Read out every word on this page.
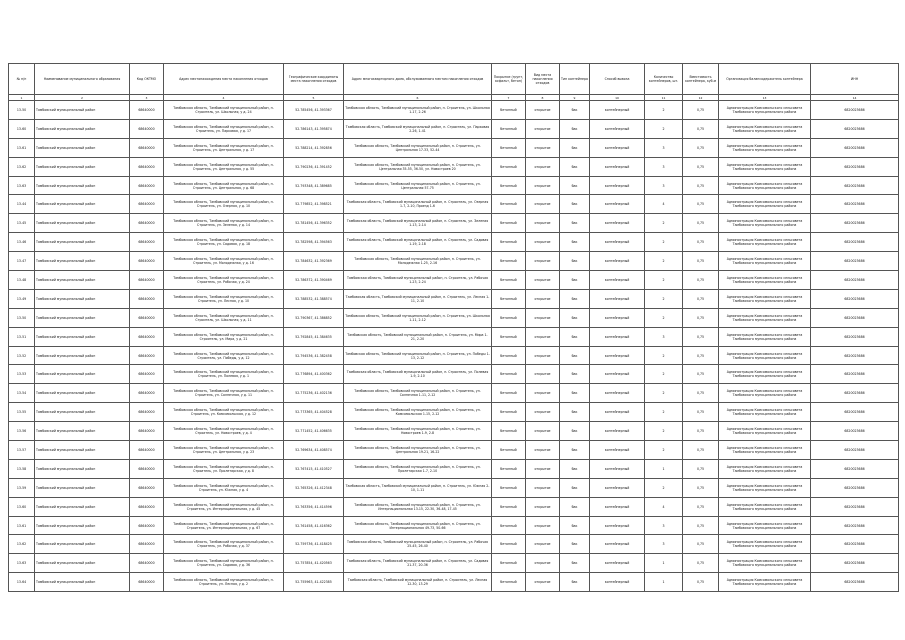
№ п/п	Наименование муниципального образования	Код ОКТМО	Адрес местонахождения места накопления отходов	Географические координаты места накопления отходов	Адрес многоквартирного дома, обслуживаемого местом накопления отходов	Покрытие (грунт, асфальт, бетон)	Вид места накопления отходов	Тип контейнера	Способ вывоза	Количество контейнеров, шт.	Вместимость контейнера, куб.м	Организация балансодержатель контейнера	ИНН
1	2	3	4	5	6	7	8	9	10	11	12	13	14
13-50	Тамбовский муниципальный район	68640000	Тамбовская область, Тамбовский муниципальный район, п. Строитель, ул. Школьная, у д. 24	52.785456, 41.393367	Тамбовская область, Тамбовский муниципальный район, п. Строитель, ул. Школьная 1-17, 2-26	бетонный	открытое	бак	контейнерный	2	0,75	Администрация Комсомольского сельсовета Тамбовского муниципального района	6820023686
13-60	Тамбовский муниципальный район	68640000	Тамбовская область, Тамбовский муниципальный район, п. Строитель, ул. Парковая, у д. 17	52.786143, 41.395874	Тамбовская область, Тамбовский муниципальный район, п. Строитель, ул. Парковая 2-26, 1-41	бетонный	открытое	бак	контейнерный	2	0,75	Администрация Комсомольского сельсовета Тамбовского муниципального района	6820023686
13-61	Тамбовский муниципальный район	68640000	Тамбовская область, Тамбовский муниципальный район, п. Строитель, ул. Центральная, у д. 17	52.788214, 41.392856	Тамбовская область, Тамбовский муниципальный район, п. Строитель, ул. Центральная 17-33, 52-44	бетонный	открытое	бак	контейнерный	3	0,75	Администрация Комсомольского сельсовета Тамбовского муниципального района	6820023686
13-62	Тамбовский муниципальный район	68640000	Тамбовская область, Тамбовский муниципальный район, п. Строитель, ул. Центральная, у д. 55	52.790236, 41.391452	Тамбовская область, Тамбовский муниципальный район, п. Строитель, ул. Центральная 35-55, 36-50, ул. Новостроев 20	бетонный	открытое	бак	контейнерный	3	0,75	Администрация Комсомольского сельсовета Тамбовского муниципального района	6820023686
13-63	Тамбовский муниципальный район	68640000	Тамбовская область, Тамбовский муниципальный район, п. Строитель, ул. Центральная, у д. 68	52.793348, 41.389685	Тамбовская область, Тамбовский муниципальный район, п. Строитель, ул. Центральная 57-75	бетонный	открытое	бак	контейнерный	3	0,75	Администрация Комсомольского сельсовета Тамбовского муниципального района	6820023686
13-44	Тамбовский муниципальный район	68640000	Тамбовская область, Тамбовский муниципальный район, п. Строитель, ул. Озерная, у д. 10	52.779852, 41.398521	Тамбовская область, Тамбовский муниципальный район, п. Строитель, ул. Озерная 1-7, 2-10, Проезд 1-6	бетонный	открытое	бак	контейнерный	4	0,75	Администрация Комсомольского сельсовета Тамбовского муниципального района	6820023686
13-45	Тамбовский муниципальный район	68640000	Тамбовская область, Тамбовский муниципальный район, п. Строитель, ул. Зеленая, у д. 14	52.781456, 41.396352	Тамбовская область, Тамбовский муниципальный район, п. Строитель, ул. Зеленая 1-13, 2-14	бетонный	открытое	бак	контейнерный	2	0,75	Администрация Комсомольского сельсовета Тамбовского муниципального района	6820023686
13-46	Тамбовский муниципальный район	68640000	Тамбовская область, Тамбовский муниципальный район, п. Строитель, ул. Садовая, у д. 18	52.782598, 41.394563	Тамбовская область, Тамбовский муниципальный район, п. Строитель, ул. Садовая 1-19, 2-18	бетонный	открытое	бак	контейнерный	2	0,75	Администрация Комсомольского сельсовета Тамбовского муниципального района	6820023686
13-47	Тамбовский муниципальный район	68640000	Тамбовская область, Тамбовский муниципальный район, п. Строитель, ул. Молодежная, у д. 16	52.784632, 41.392369	Тамбовская область, Тамбовский муниципальный район, п. Строитель, ул. Молодежная 1-25, 2-16	бетонный	открытое	бак	контейнерный	2	0,75	Администрация Комсомольского сельсовета Тамбовского муниципального района	6820023686
13-48	Тамбовский муниципальный район	68640000	Тамбовская область, Тамбовский муниципальный район, п. Строитель, ул. Рабочая, у д. 24	52.786372, 41.390469	Тамбовская область, Тамбовский муниципальный район, п. Строитель, ул. Рабочая 1-23, 2-24	бетонный	открытое	бак	контейнерный	2	0,75	Администрация Комсомольского сельсовета Тамбовского муниципального района	6820023686
13-49	Тамбовский муниципальный район	68640000	Тамбовская область, Тамбовский муниципальный район, п. Строитель, ул. Лесная, у д. 10	52.788532, 41.388574	Тамбовская область, Тамбовский муниципальный район, п. Строитель, ул. Лесная 1-11, 2-10	бетонный	открытое	бак	контейнерный	2	0,75	Администрация Комсомольского сельсовета Тамбовского муниципального района	6820023686
13-50	Тамбовский муниципальный район	68640000	Тамбовская область, Тамбовский муниципальный район, п. Строитель, ул. Школьная, у д. 11	52.790367, 41.386852	Тамбовская область, Тамбовский муниципальный район, п. Строитель, ул. Школьная 1-11, 2-12	бетонный	открытое	бак	контейнерный	2	0,75	Администрация Комсомольского сельсовета Тамбовского муниципального района	6820023686
13-51	Тамбовский муниципальный район	68640000	Тамбовская область, Тамбовский муниципальный район, п. Строитель, ул. Мира, у д. 21	52.792845, 41.384635	Тамбовская область, Тамбовский муниципальный район, п. Строитель, ул. Мира 1-21, 2-20	бетонный	открытое	бак	контейнерный	3	0,75	Администрация Комсомольского сельсовета Тамбовского муниципального района	6820023686
13-52	Тамбовский муниципальный район	68640000	Тамбовская область, Тамбовский муниципальный район, п. Строитель, ул. Победы, у д. 12	52.794536, 41.382458	Тамбовская область, Тамбовский муниципальный район, п. Строитель, ул. Победы 1-13, 2-12	бетонный	открытое	бак	контейнерный	2	0,75	Администрация Комсомольского сельсовета Тамбовского муниципального района	6820023686
13-53	Тамбовский муниципальный район	68640000	Тамбовская область, Тамбовский муниципальный район, п. Строитель, ул. Полевая, у д. 1	52.776894, 41.400362	Тамбовская область, Тамбовский муниципальный район, п. Строитель, ул. Полевая 1-9, 2-10	бетонный	открытое	бак	контейнерный	2	0,75	Администрация Комсомольского сельсовета Тамбовского муниципального района	6820023686
13-54	Тамбовский муниципальный район	68640000	Тамбовская область, Тамбовский муниципальный район, п. Строитель, ул. Солнечная, у д. 11	52.775236, 41.402136	Тамбовская область, Тамбовский муниципальный район, п. Строитель, ул. Солнечная 1-11, 2-12	бетонный	открытое	бак	контейнерный	2	0,75	Администрация Комсомольского сельсовета Тамбовского муниципального района	6820023686
13-55	Тамбовский муниципальный район	68640000	Тамбовская область, Тамбовский муниципальный район, п. Строитель, ул. Комсомольская, у д. 12	52.773365, 41.404528	Тамбовская область, Тамбовский муниципальный район, п. Строитель, ул. Комсомольская 1-15, 2-12	бетонный	открытое	бак	контейнерный	2	0,75	Администрация Комсомольского сельсовета Тамбовского муниципального района	6820023686
13-56	Тамбовский муниципальный район	68640000	Тамбовская область, Тамбовский муниципальный район, п. Строитель, ул. Новостроев, у д. 4	52.771452, 41.406635	Тамбовская область, Тамбовский муниципальный район, п. Строитель, ул. Новостроев 1-9, 2-8	бетонный	открытое	бак	контейнерный	2	0,75	Администрация Комсомольского сельсовета Тамбовского муниципального района	6820023686
13-57	Тамбовский муниципальный район	68640000	Тамбовская область, Тамбовский муниципальный район, п. Строитель, ул. Центральная, у д. 23	52.769634, 41.408574	Тамбовская область, Тамбовский муниципальный район, п. Строитель, ул. Центральная 19-21, 16-22	бетонный	открытое	бак	контейнерный	2	0,75	Администрация Комсомольского сельсовета Тамбовского муниципального района	6820023686
13-58	Тамбовский муниципальный район	68640000	Тамбовская область, Тамбовский муниципальный район, п. Строитель, ул. Пролетарская, у д. 8	52.767415, 41.410527	Тамбовская область, Тамбовский муниципальный район, п. Строитель, ул. Пролетарская 1-7, 2-10	бетонный	открытое	бак	контейнерный	1	0,75	Администрация Комсомольского сельсовета Тамбовского муниципального района	6820023686
13-59	Тамбовский муниципальный район	68640000	Тамбовская область, Тамбовский муниципальный район, п. Строитель, ул. Южная, у д. 4	52.765326, 41.412348	Тамбовская область, Тамбовский муниципальный район, п. Строитель, ул. Южная 2-10, 1-11	бетонный	открытое	бак	контейнерный	2	0,75	Администрация Комсомольского сельсовета Тамбовского муниципального района	6820023686
13-60	Тамбовский муниципальный район	68640000	Тамбовская область, Тамбовский муниципальный район, п. Строитель, ул. Интернациональная, у д. 45	52.763356, 41.414596	Тамбовская область, Тамбовский муниципальный район, п. Строитель, ул. Интернациональная 13-15, 22-30, 36-48, 17-45	бетонный	открытое	бак	контейнерный	4	0,75	Администрация Комсомольского сельсовета Тамбовского муниципального района	6820023686
13-61	Тамбовский муниципальный район	68640000	Тамбовская область, Тамбовский муниципальный район, п. Строитель, ул. Интернациональная, у д. 67	52.761458, 41.416362	Тамбовская область, Тамбовский муниципальный район, п. Строитель, ул. Интернациональная 49-73, 50-66	бетонный	открытое	бак	контейнерный	3	0,75	Администрация Комсомольского сельсовета Тамбовского муниципального района	6820023686
13-62	Тамбовский муниципальный район	68640000	Тамбовская область, Тамбовский муниципальный район, п. Строитель, ул. Рабочая, у д. 37	52.759736, 41.418425	Тамбовская область, Тамбовский муниципальный район, п. Строитель, ул. Рабочая 25-45, 26-40	бетонный	открытое	бак	контейнерный	3	0,75	Администрация Комсомольского сельсовета Тамбовского муниципального района	6820023686
13-63	Тамбовский муниципальный район	68640000	Тамбовская область, Тамбовский муниципальный район, п. Строитель, ул. Садовая, у д. 36	52.757854, 41.420563	Тамбовская область, Тамбовский муниципальный район, п. Строитель, ул. Садовая 21-37, 20-36	бетонный	открытое	бак	контейнерный	1	0,75	Администрация Комсомольского сельсовета Тамбовского муниципального района	6820023686
13-64	Тамбовский муниципальный район	68640000	Тамбовская область, Тамбовский муниципальный район, п. Строитель, ул. Лесная, у д. 2	52.755963, 41.422385	Тамбовская область, Тамбовский муниципальный район, п. Строитель, ул. Лесная 12-30, 13-29	бетонный	открытое	бак	контейнерный	1	0,75	Администрация Комсомольского сельсовета Тамбовского муниципального района	6820023686
